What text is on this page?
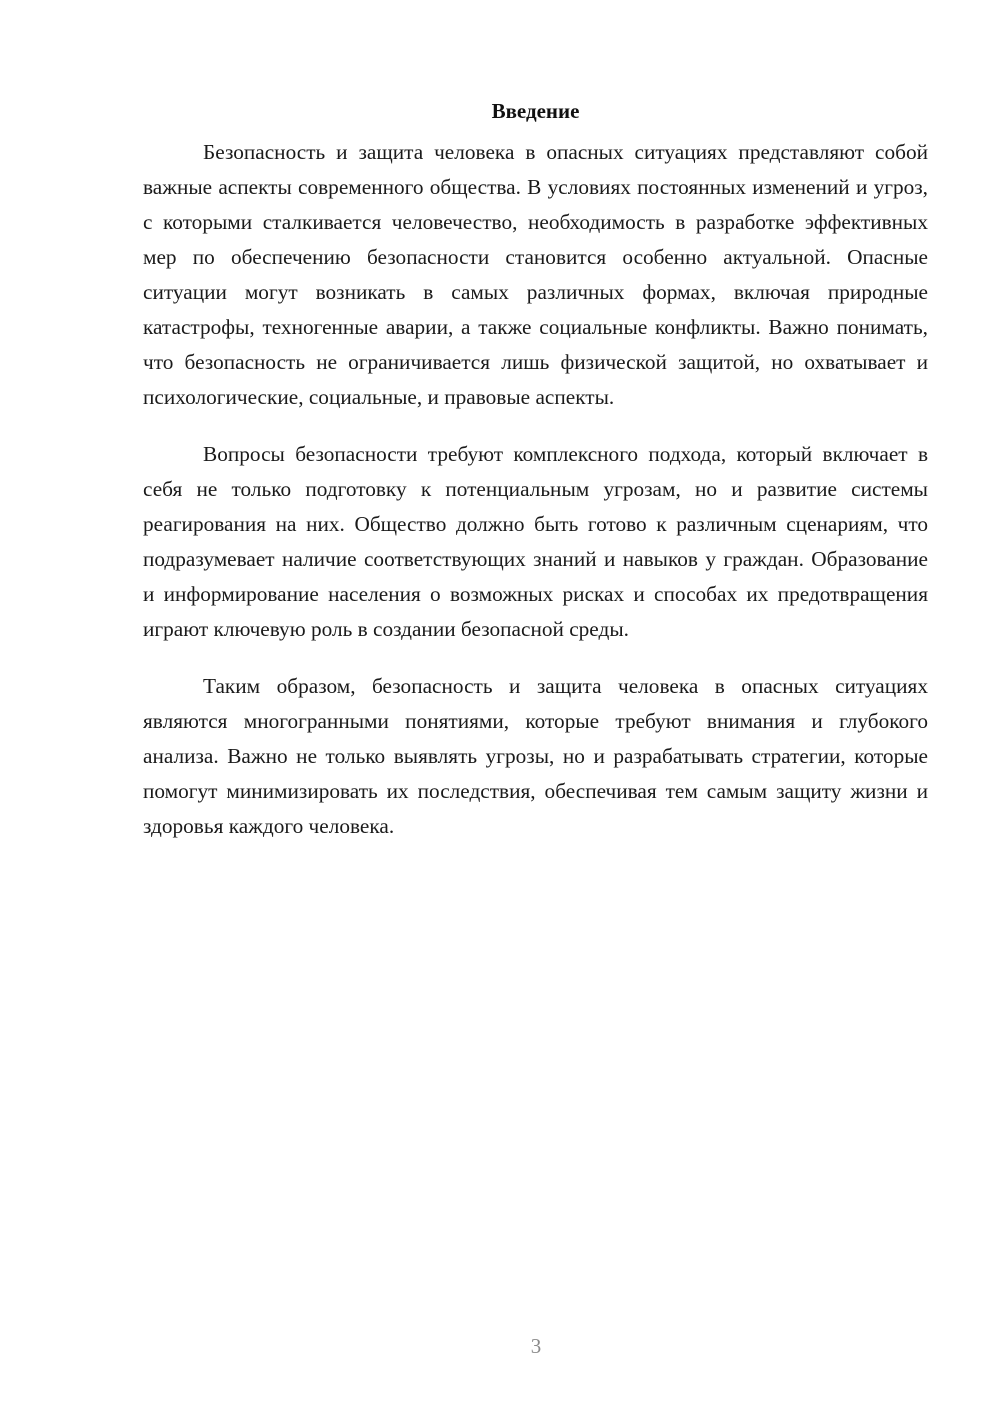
Введение

Безопасность и защита человека в опасных ситуациях представляют собой важные аспекты современного общества. В условиях постоянных изменений и угроз, с которыми сталкивается человечество, необходимость в разработке эффективных мер по обеспечению безопасности становится особенно актуальной. Опасные ситуации могут возникать в самых различных формах, включая природные катастрофы, техногенные аварии, а также социальные конфликты. Важно понимать, что безопасность не ограничивается лишь физической защитой, но охватывает и психологические, социальные, и правовые аспекты.

Вопросы безопасности требуют комплексного подхода, который включает в себя не только подготовку к потенциальным угрозам, но и развитие системы реагирования на них. Общество должно быть готово к различным сценариям, что подразумевает наличие соответствующих знаний и навыков у граждан. Образование и информирование населения о возможных рисках и способах их предотвращения играют ключевую роль в создании безопасной среды.

Таким образом, безопасность и защита человека в опасных ситуациях являются многогранными понятиями, которые требуют внимания и глубокого анализа. Важно не только выявлять угрозы, но и разрабатывать стратегии, которые помогут минимизировать их последствия, обеспечивая тем самым защиту жизни и здоровья каждого человека.

3
